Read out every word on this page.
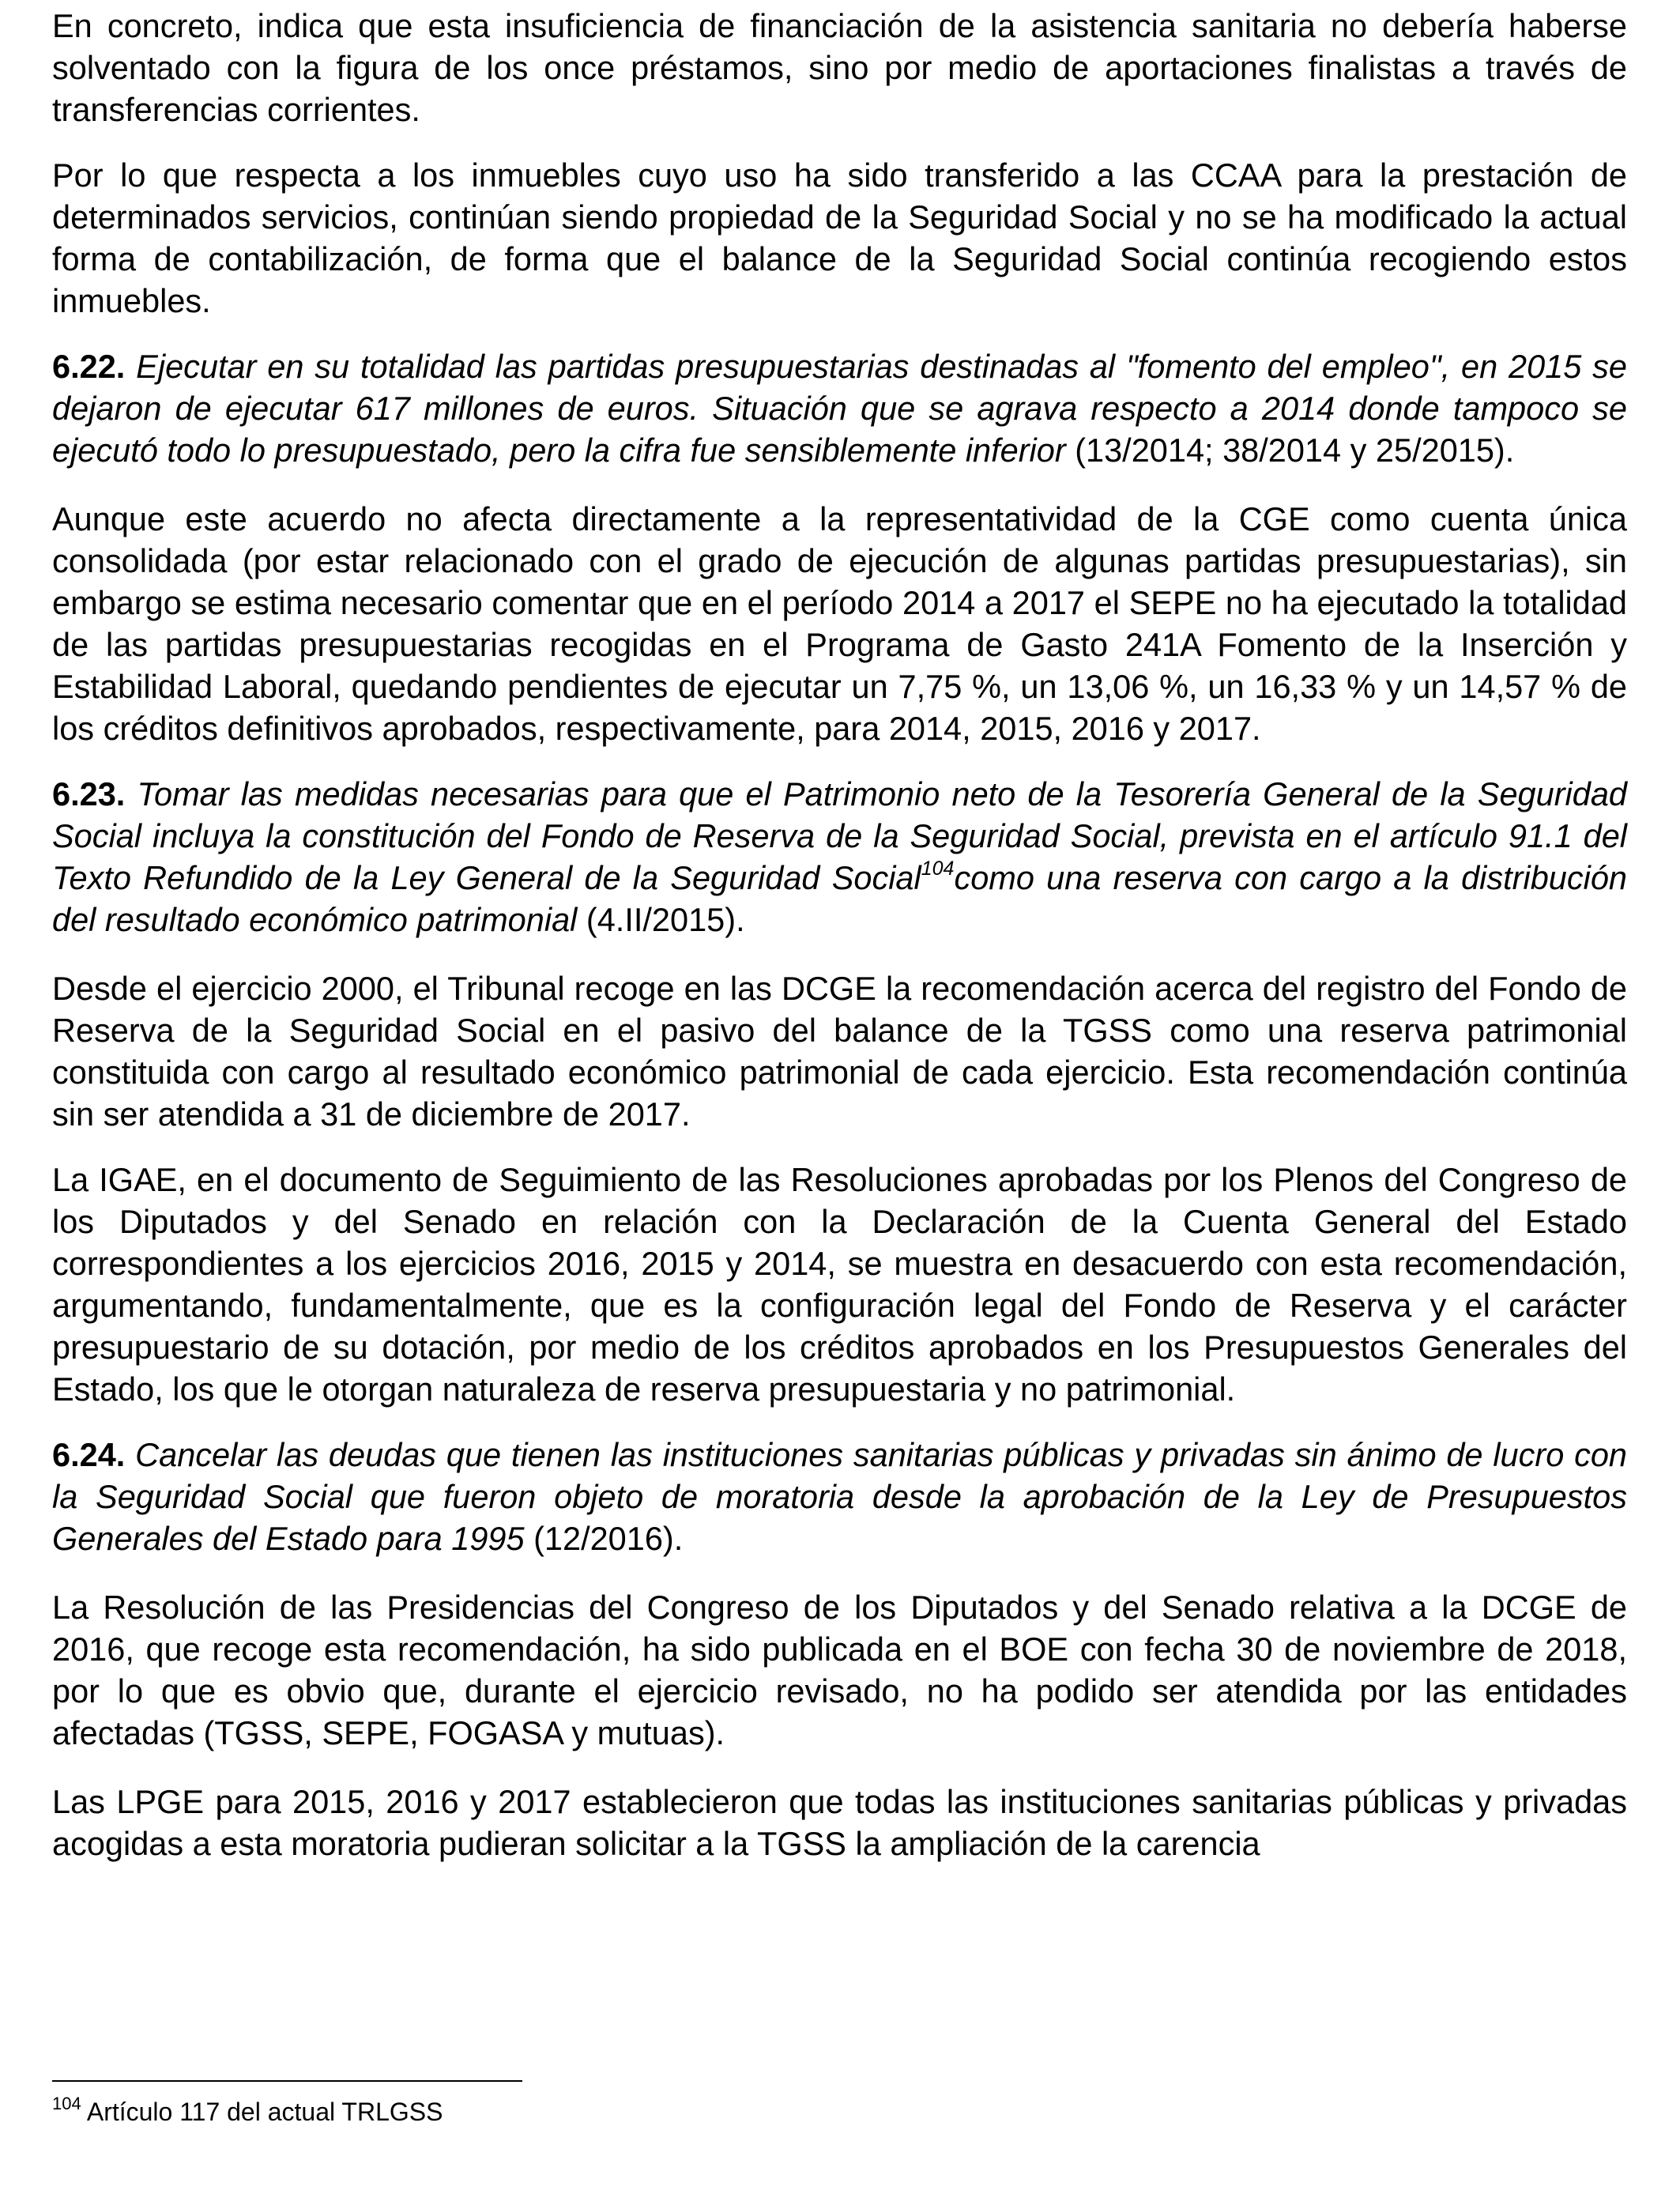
En concreto, indica que esta insuficiencia de financiación de la asistencia sanitaria no debería haberse solventado con la figura de los once préstamos, sino por medio de aportaciones finalistas a través de transferencias corrientes.

Por lo que respecta a los inmuebles cuyo uso ha sido transferido a las CCAA para la prestación de determinados servicios, continúan siendo propiedad de la Seguridad Social y no se ha modificado la actual forma de contabilización, de forma que el balance de la Seguridad Social continúa recogiendo estos inmuebles.

6.22. Ejecutar en su totalidad las partidas presupuestarias destinadas al "fomento del empleo", en 2015 se dejaron de ejecutar 617 millones de euros. Situación que se agrava respecto a 2014 donde tampoco se ejecutó todo lo presupuestado, pero la cifra fue sensiblemente inferior (13/2014; 38/2014 y 25/2015).

Aunque este acuerdo no afecta directamente a la representatividad de la CGE como cuenta única consolidada (por estar relacionado con el grado de ejecución de algunas partidas presupuestarias), sin embargo se estima necesario comentar que en el período 2014 a 2017 el SEPE no ha ejecutado la totalidad de las partidas presupuestarias recogidas en el Programa de Gasto 241A Fomento de la Inserción y Estabilidad Laboral, quedando pendientes de ejecutar un 7,75 %, un 13,06 %, un 16,33 % y un 14,57 % de los créditos definitivos aprobados, respectivamente, para 2014, 2015, 2016 y 2017.

6.23. Tomar las medidas necesarias para que el Patrimonio neto de la Tesorería General de la Seguridad Social incluya la constitución del Fondo de Reserva de la Seguridad Social, prevista en el artículo 91.1 del Texto Refundido de la Ley General de la Seguridad Social$^{104}$como una reserva con cargo a la distribución del resultado económico patrimonial (4.II/2015).

Desde el ejercicio 2000, el Tribunal recoge en las DCGE la recomendación acerca del registro del Fondo de Reserva de la Seguridad Social en el pasivo del balance de la TGSS como una reserva patrimonial constituida con cargo al resultado económico patrimonial de cada ejercicio. Esta recomendación continúa sin ser atendida a 31 de diciembre de 2017.

La IGAE, en el documento de Seguimiento de las Resoluciones aprobadas por los Plenos del Congreso de los Diputados y del Senado en relación con la Declaración de la Cuenta General del Estado correspondientes a los ejercicios 2016, 2015 y 2014, se muestra en desacuerdo con esta recomendación, argumentando, fundamentalmente, que es la configuración legal del Fondo de Reserva y el carácter presupuestario de su dotación, por medio de los créditos aprobados en los Presupuestos Generales del Estado, los que le otorgan naturaleza de reserva presupuestaria y no patrimonial.

6.24. Cancelar las deudas que tienen las instituciones sanitarias públicas y privadas sin ánimo de lucro con la Seguridad Social que fueron objeto de moratoria desde la aprobación de la Ley de Presupuestos Generales del Estado para 1995 (12/2016).

La Resolución de las Presidencias del Congreso de los Diputados y del Senado relativa a la DCGE de 2016, que recoge esta recomendación, ha sido publicada en el BOE con fecha 30 de noviembre de 2018, por lo que es obvio que, durante el ejercicio revisado, no ha podido ser atendida por las entidades afectadas (TGSS, SEPE, FOGASA y mutuas).

Las LPGE para 2015, 2016 y 2017 establecieron que todas las instituciones sanitarias públicas y privadas acogidas a esta moratoria pudieran solicitar a la TGSS la ampliación de la carencia

$^{104}$ Artículo 117 del actual TRLGSS
